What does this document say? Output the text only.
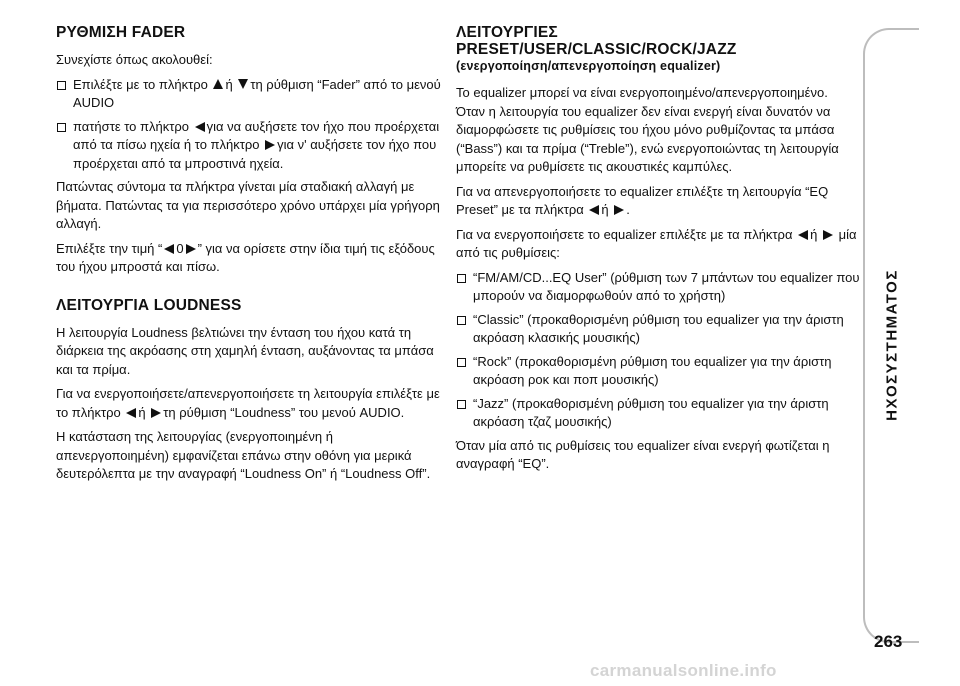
ΡΥΘΜΙΣΗ FADER

Συνεχίστε όπως ακολουθεί:

Επιλέξτε με το πλήκτρο ή τη ρύθμιση “Fader” από το μενού AUDIO

πατήστε το πλήκτρο για να αυξήσετε τον ήχο που προέρχεται από τα πίσω ηχεία ή το πλήκτρο για ν' αυξήσετε τον ήχο που προέρχεται από τα μπροστινά ηχεία.

Πατώντας σύντομα τα πλήκτρα γίνεται μία σταδιακή αλλαγή με βήματα. Πατώντας τα για περισσότερο χρόνο υπάρχει μία γρήγορη αλλαγή.

Επιλέξτε την τιμή “ 0 ” για να ορίσετε στην ίδια τιμή τις εξόδους του ήχου μπροστά και πίσω.

ΛΕΙΤΟΥΡΓΙΑ LOUDNESS

Η λειτουργία Loudness βελτιώνει την ένταση του ήχου κατά τη διάρκεια της ακρόασης στη χαμηλή ένταση, αυξάνοντας τα μπάσα και τα πρίμα.

Για να ενεργοποιήσετε/απενεργοποιήσετε τη λειτουργία επιλέξτε με το πλήκτρο ή τη ρύθμιση “Loudness” του μενού AUDIO.

Η κατάσταση της λειτουργίας (ενεργοποιημένη ή απενεργοποιημένη) εμφανίζεται επάνω στην οθόνη για μερικά δευτερόλεπτα με την αναγραφή “Loudness On” ή “Loudness Off”.

ΛΕΙΤΟΥΡΓΙΕΣ
PRESET/USER/CLASSIC/ROCK/JAZZ
(ενεργοποίηση/απενεργοποίηση equalizer)

Το equalizer μπορεί να είναι ενεργοποιημένο/απενεργοποιημένο. Όταν η λειτουργία του equalizer δεν είναι ενεργή είναι δυνατόν να διαμορφώσετε τις ρυθμίσεις του ήχου μόνο ρυθμίζοντας τα μπάσα (“Bass”) και τα πρίμα (“Treble”), ενώ ενεργοποιώντας τη λειτουργία μπορείτε να ρυθμίσετε τις ακουστικές καμπύλες.

Για να απενεργοποιήσετε το equalizer επιλέξτε τη λειτουργία “EQ Preset” με τα πλήκτρα ή .

Για να ενεργοποιήσετε το equalizer επιλέξτε με τα πλήκτρα ή μία από τις ρυθμίσεις:

“FM/AM/CD...EQ User” (ρύθμιση των 7 μπάντων του equalizer που μπορούν να διαμορφωθούν από το χρήστη)

“Classic” (προκαθορισμένη ρύθμιση του equalizer για την άριστη ακρόαση κλασικής μουσικής)

“Rock” (προκαθορισμένη ρύθμιση του equalizer για την άριστη ακρόαση ροκ και ποπ μουσικής)

“Jazz” (προκαθορισμένη ρύθμιση του equalizer για την άριστη ακρόαση τζαζ μουσικής)

Όταν μία από τις ρυθμίσεις του equalizer είναι ενεργή φωτίζεται η αναγραφή “EQ”.

ΗΧΟΣΥΣΤΗΜΑΤΟΣ
263
carmanualsonline.info
